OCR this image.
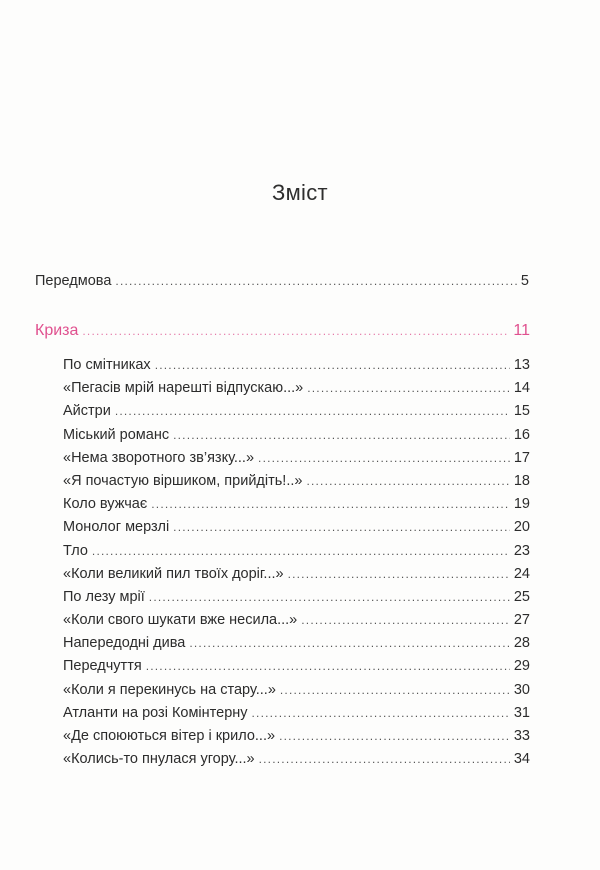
Зміст
Передмова .....	5
Криза .....	11
По смітниках .....	13
«Пегасів мрій нарешті відпускаю...» .....	14
Айстри .....	15
Міський романс .....	16
«Нема зворотного зв’язку...» .....	17
«Я почастую віршиком, прийдіть!..» .....	18
Коло вужчає .....	19
Монолог мерзлі .....	20
Тло .....	23
«Коли великий пил твоїх доріг...» .....	24
По лезу мрії .....	25
«Коли свого шукати вже несила...» .....	27
Напередодні дива .....	28
Передчуття .....	29
«Коли я перекинусь на стару...» .....	30
Атланти на розі Комінтерну .....	31
«Де споюються вітер і крило...» .....	33
«Колись-то пнулася угору...» .....	34
